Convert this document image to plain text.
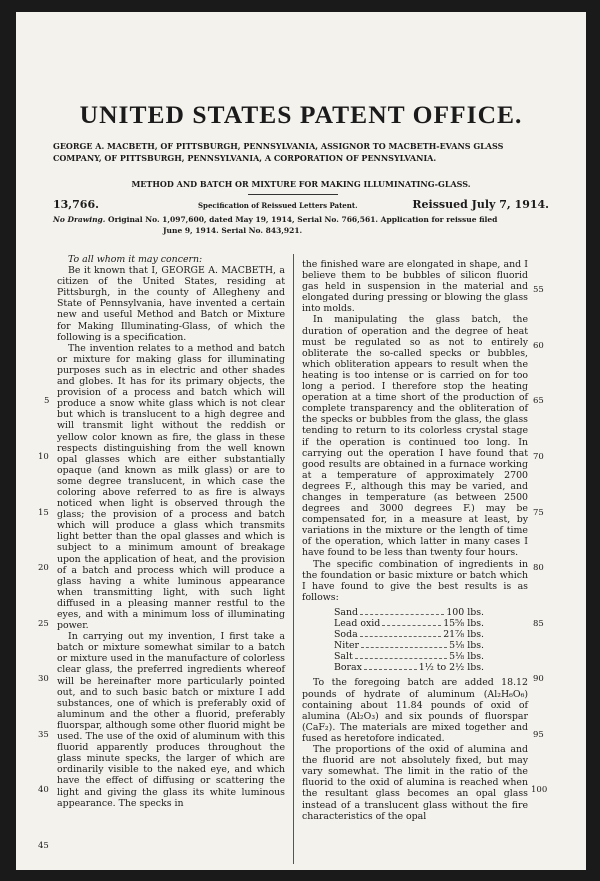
UNITED STATES PATENT OFFICE.
GEORGE A. MACBETH, OF PITTSBURGH, PENNSYLVANIA, ASSIGNOR TO MACBETH-EVANS GLASS COMPANY, OF PITTSBURGH, PENNSYLVANIA, A CORPORATION OF PENNSYLVANIA.
METHOD AND BATCH OR MIXTURE FOR MAKING ILLUMINATING-GLASS.
13,766.	Specification of Reissued Letters Patent.	Reissued July 7, 1914.
No Drawing. Original No. 1,097,600, dated May 19, 1914, Serial No. 766,561. Application for reissue filed
June 9, 1914. Serial No. 843,921.

To all whom it may concern:

Be it known that I, GEORGE A. MACBETH, a citizen of the United States, residing at Pittsburgh, in the county of Allegheny and State of Pennsylvania, have invented a certain new and useful Method and Batch or Mixture for Making Illuminating-Glass, of which the following is a specification.

The invention relates to a method and batch or mixture for making glass for illuminating purposes such as in electric and other shades and globes. It has for its primary objects, the provision of a process and batch which will produce a snow white glass which is not clear but which is translucent to a high degree and will transmit light without the reddish or yellow color known as fire, the glass in these respects distinguishing from the well known opal glasses which are either substantially opaque (and known as milk glass) or are to some degree translucent, in which case the coloring above referred to as fire is always noticed when light is observed through the glass; the provision of a process and batch which will produce a glass which transmits light better than the opal glasses and which is subject to a minimum amount of breakage upon the application of heat, and the provision of a batch and process which will produce a glass having a white luminous appearance when transmitting light, with such light diffused in a pleasing manner restful to the eyes, and with a minimum loss of illuminating power.

In carrying out my invention, I first take a batch or mixture somewhat similar to a batch or mixture used in the manufacture of colorless clear glass, the preferred ingredients whereof will be hereinafter more particularly pointed out, and to such basic batch or mixture I add substances, one of which is preferably oxid of aluminum and the other a fluorid, preferably fluorspar, although some other fluorid might be used. The use of the oxid of aluminum with this fluorid apparently produces throughout the glass minute specks, the larger of which are ordinarily visible to the naked eye, and which have the effect of diffusing or scattering the light and giving the glass its white luminous appearance. The specks in

the finished ware are elongated in shape, and I believe them to be bubbles of silicon fluorid gas held in suspension in the material and elongated during pressing or blowing the glass into molds.

In manipulating the glass batch, the duration of operation and the degree of heat must be regulated so as not to entirely obliterate the so-called specks or bubbles, which obliteration appears to result when the heating is too intense or is carried on for too long a period. I therefore stop the heating operation at a time short of the production of complete transparency and the obliteration of the specks or bubbles from the glass, the glass tending to return to its colorless crystal stage if the operation is continued too long. In carrying out the operation I have found that good results are obtained in a furnace working at a temperature of approximately 2700 degrees F., although this may be varied, and changes in temperature (as between 2500 degrees and 3000 degrees F.) may be compensated for, in a measure at least, by variations in the mixture or the length of time of the operation, which latter in many cases I have found to be less than twenty four hours.

The specific combination of ingredients in the foundation or basic mixture or batch which I have found to give the best results is as follows:

Sand	100 lbs.
Lead oxid	15⅝ lbs.
Soda	21⅞ lbs.
Niter	5⅛ lbs.
Salt	5⅛ lbs.
Borax	1½ to 2½ lbs.

To the foregoing batch are added 18.12 pounds of hydrate of aluminum (Al₂H₆O₆) containing about 11.84 pounds of oxid of alumina (Al₂O₃) and six pounds of fluorspar (CaF₂). The materials are mixed together and fused as heretofore indicated.

The proportions of the oxid of alumina and the fluorid are not absolutely fixed, but may vary somewhat. The limit in the ratio of the fluorid to the oxid of alumina is reached when the resultant glass becomes an opal glass instead of a translucent glass without the fire characteristics of the opal

5
10
15
20
25
30
35
40
45
55
60
65
70
75
80
85
90
95
100
